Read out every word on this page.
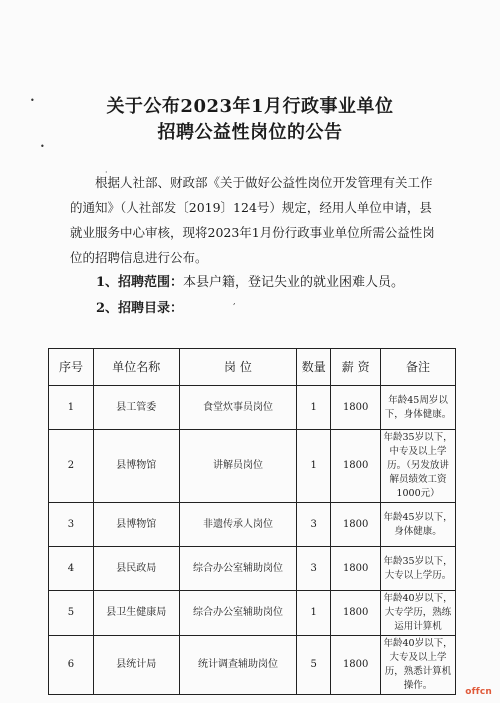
•
•
·
,
关于公布2023年1月行政事业单位
招聘公益性岗位的公告
根据人社部、财政部《关于做好公益性岗位开发管理有关工作的通知》（人社部发〔2019〕124号）规定，经用人单位申请，县就业服务中心审核，现将2023年1月份行政事业单位所需公益性岗位的招聘信息进行公布。
1、招聘范围：本县户籍，登记失业的就业困难人员。
2、招聘目录：
序号	单位名称	岗 位	数量	薪 资	备注
1	县工管委	食堂炊事员岗位	1	1800	年龄45周岁以下，身体健康。
2	县博物馆	讲解员岗位	1	1800	年龄35岁以下，中专及以上学历。（另发放讲解员绩效工资1000元）
3	县博物馆	非遗传承人岗位	3	1800	年龄45岁以下，身体健康。
4	县民政局	综合办公室辅助岗位	3	1800	年龄35岁以下，大专以上学历。
5	县卫生健康局	综合办公室辅助岗位	1	1800	年龄40岁以下，大专学历，熟练运用计算机
6	县统计局	统计调查辅助岗位	5	1800	年龄40岁以下，大专及以上学历，熟悉计算机操作。
offcn
